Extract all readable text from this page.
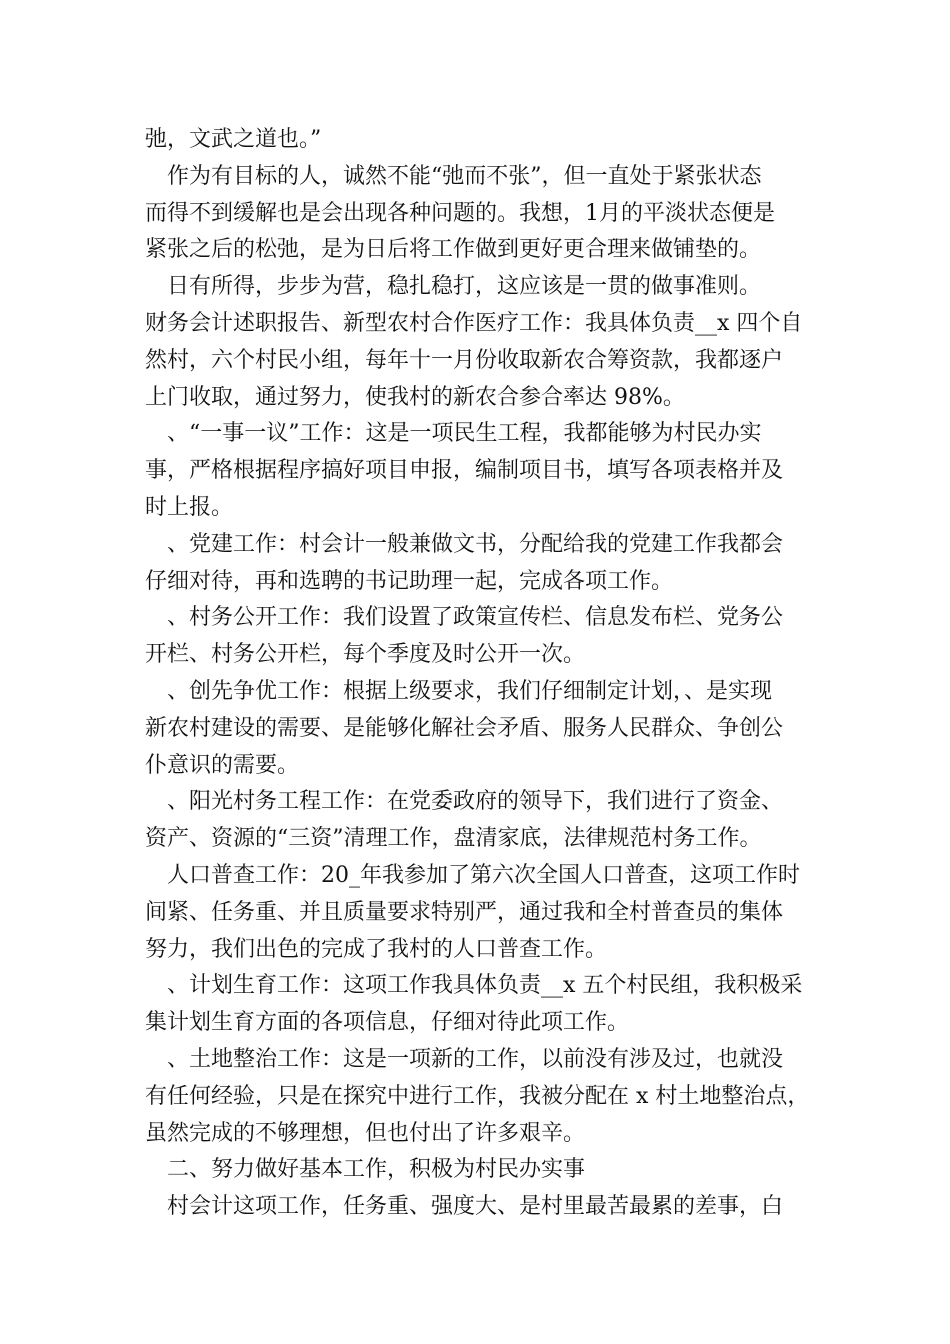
弛，文武之道也。”
作为有目标的人，诚然不能“弛而不张”，但一直处于紧张状态
而得不到缓解也是会出现各种问题的。我想，1月的平淡状态便是
紧张之后的松弛，是为日后将工作做到更好更合理来做铺垫的。
日有所得，步步为营，稳扎稳打，这应该是一贯的做事准则。
财务会计述职报告、新型农村合作医疗工作：我具体负责__x 四个自
然村，六个村民小组，每年十一月份收取新农合筹资款，我都逐户
上门收取，通过努力，使我村的新农合参合率达 98%。
、“一事一议”工作：这是一项民生工程，我都能够为村民办实
事，严格根据程序搞好项目申报，编制项目书，填写各项表格并及
时上报。
、党建工作：村会计一般兼做文书，分配给我的党建工作我都会
仔细对待，再和选聘的书记助理一起，完成各项工作。
、村务公开工作：我们设置了政策宣传栏、信息发布栏、党务公
开栏、村务公开栏，每个季度及时公开一次。
、创先争优工作：根据上级要求，我们仔细制定计划，、是实现
新农村建设的需要、是能够化解社会矛盾、服务人民群众、争创公
仆意识的需要。
、阳光村务工程工作：在党委政府的领导下，我们进行了资金、
资产、资源的“三资”清理工作，盘清家底，法律规范村务工作。
人口普查工作：20_年我参加了第六次全国人口普查，这项工作时
间紧、任务重、并且质量要求特别严，通过我和全村普查员的集体
努力，我们出色的完成了我村的人口普查工作。
、计划生育工作：这项工作我具体负责__x 五个村民组，我积极采
集计划生育方面的各项信息，仔细对待此项工作。
、土地整治工作：这是一项新的工作，以前没有涉及过，也就没
有任何经验，只是在探究中进行工作，我被分配在 x 村土地整治点，
虽然完成的不够理想，但也付出了许多艰辛。
二、努力做好基本工作，积极为村民办实事
村会计这项工作，任务重、强度大、是村里最苦最累的差事，白
